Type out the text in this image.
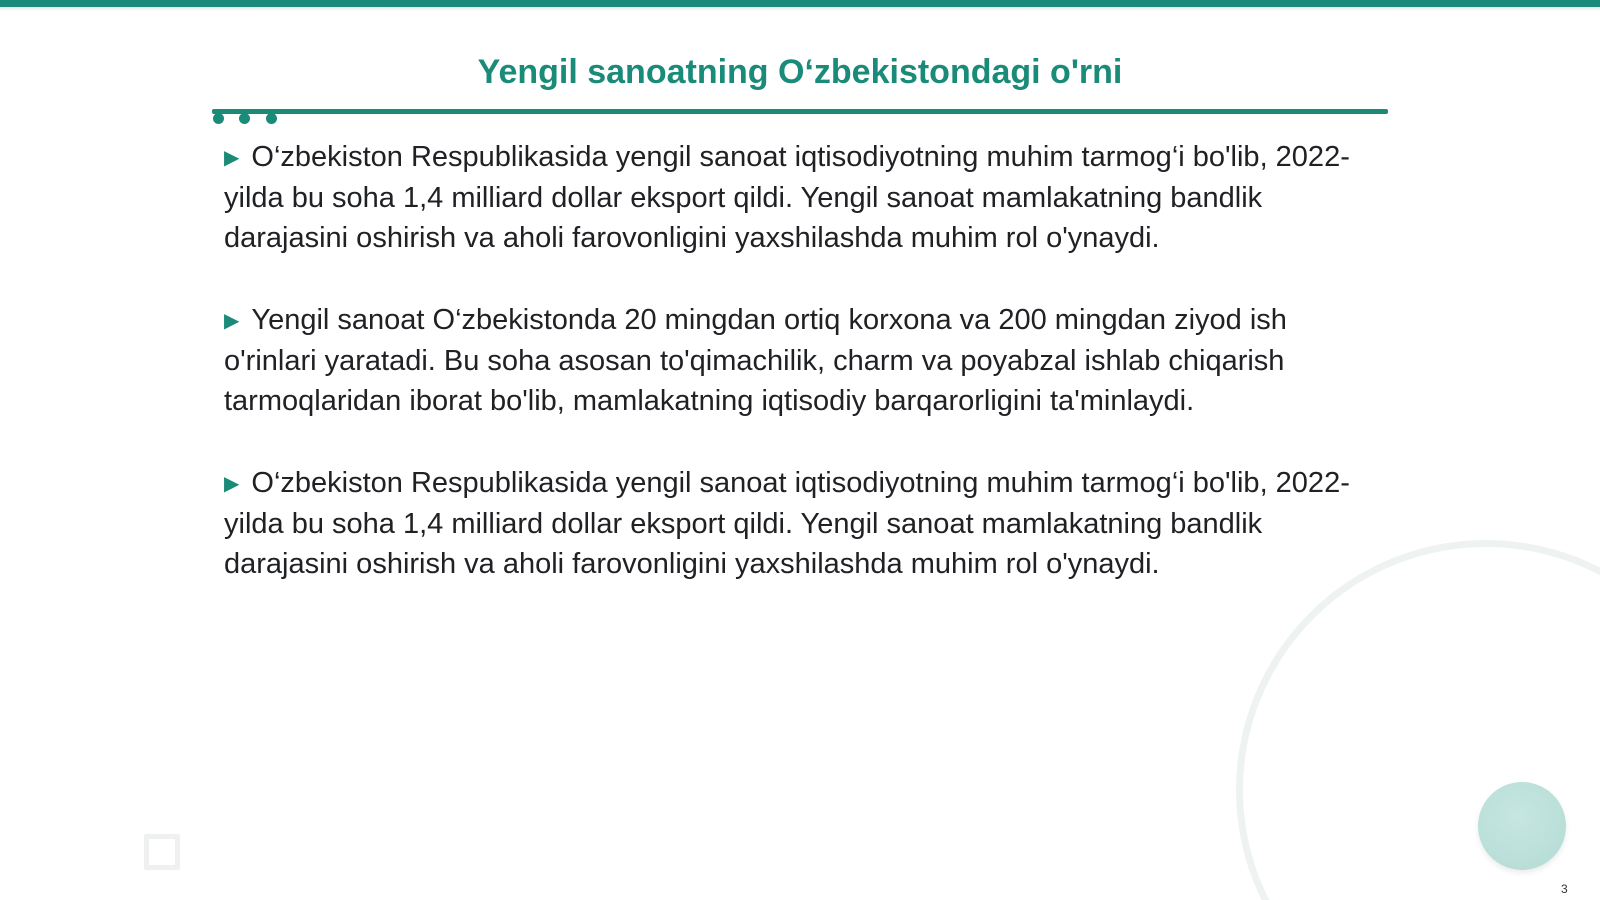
Yengil sanoatning O‘zbekistondagi o'rni

▶ O‘zbekiston Respublikasida yengil sanoat iqtisodiyotning muhim tarmog‘i bo'lib, 2022-yilda bu soha 1,4 milliard dollar eksport qildi. Yengil sanoat mamlakatning bandlik darajasini oshirish va aholi farovonligini yaxshilashda muhim rol o'ynaydi.

▶ Yengil sanoat O‘zbekistonda 20 mingdan ortiq korxona va 200 mingdan ziyod ish o'rinlari yaratadi. Bu soha asosan to'qimachilik, charm va poyabzal ishlab chiqarish tarmoqlaridan iborat bo'lib, mamlakatning iqtisodiy barqarorligini ta'minlaydi.

▶ O‘zbekiston Respublikasida yengil sanoat iqtisodiyotning muhim tarmog‘i bo'lib, 2022-yilda bu soha 1,4 milliard dollar eksport qildi. Yengil sanoat mamlakatning bandlik darajasini oshirish va aholi farovonligini yaxshilashda muhim rol o'ynaydi.

3
